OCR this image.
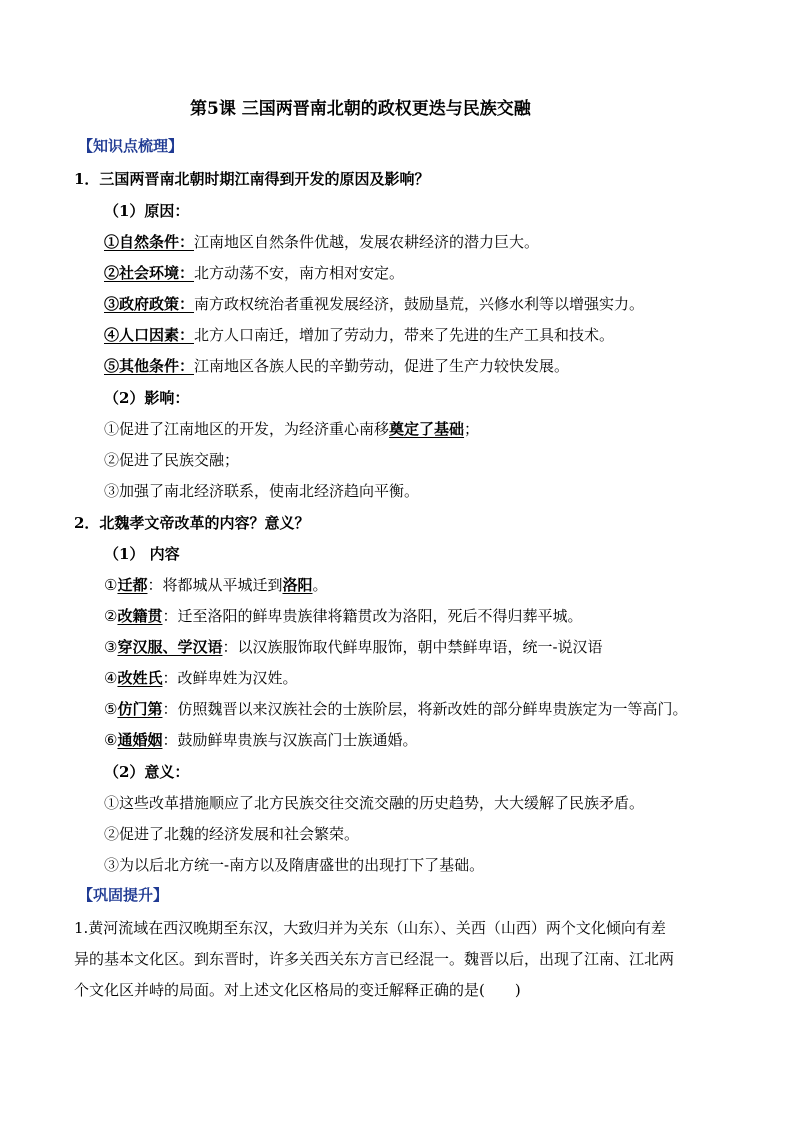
第5课 三国两晋南北朝的政权更迭与民族交融
【知识点梳理】
1．三国两晋南北朝时期江南得到开发的原因及影响？
（1）原因：
①自然条件：江南地区自然条件优越，发展农耕经济的潜力巨大。
②社会环境：北方动荡不安，南方相对安定。
③政府政策：南方政权统治者重视发展经济，鼓励垦荒，兴修水利等以增强实力。
④人口因素：北方人口南迁，增加了劳动力，带来了先进的生产工具和技术。
⑤其他条件：江南地区各族人民的辛勤劳动，促进了生产力较快发展。
（2）影响：
①促进了江南地区的开发，为经济重心南移奠定了基础；
②促进了民族交融；
③加强了南北经济联系，使南北经济趋向平衡。
2．北魏孝文帝改革的内容？意义？
（1） 内容
①迁都：将都城从平城迁到洛阳。
②改籍贯：迁至洛阳的鲜卑贵族律将籍贯改为洛阳，死后不得归葬平城。
③穿汉服、学汉语：以汉族服饰取代鲜卑服饰，朝中禁鲜卑语，统一-说汉语
④改姓氏：改鲜卑姓为汉姓。
⑤仿门第：仿照魏晋以来汉族社会的士族阶层，将新改姓的部分鲜卑贵族定为一等高门。
⑥通婚姻：鼓励鲜卑贵族与汉族高门士族通婚。
（2）意义：
①这些改革措施顺应了北方民族交往交流交融的历史趋势，大大缓解了民族矛盾。
②促进了北魏的经济发展和社会繁荣。
③为以后北方统一-南方以及隋唐盛世的出现打下了基础。
【巩固提升】
1.黄河流域在西汉晚期至东汉，大致归并为关东（山东）、关西（山西）两个文化倾向有差
异的基本文化区。到东晋时，许多关西关东方言已经混一。魏晋以后，出现了江南、江北两
个文化区并峙的局面。对上述文化区格局的变迁解释正确的是(　　)
